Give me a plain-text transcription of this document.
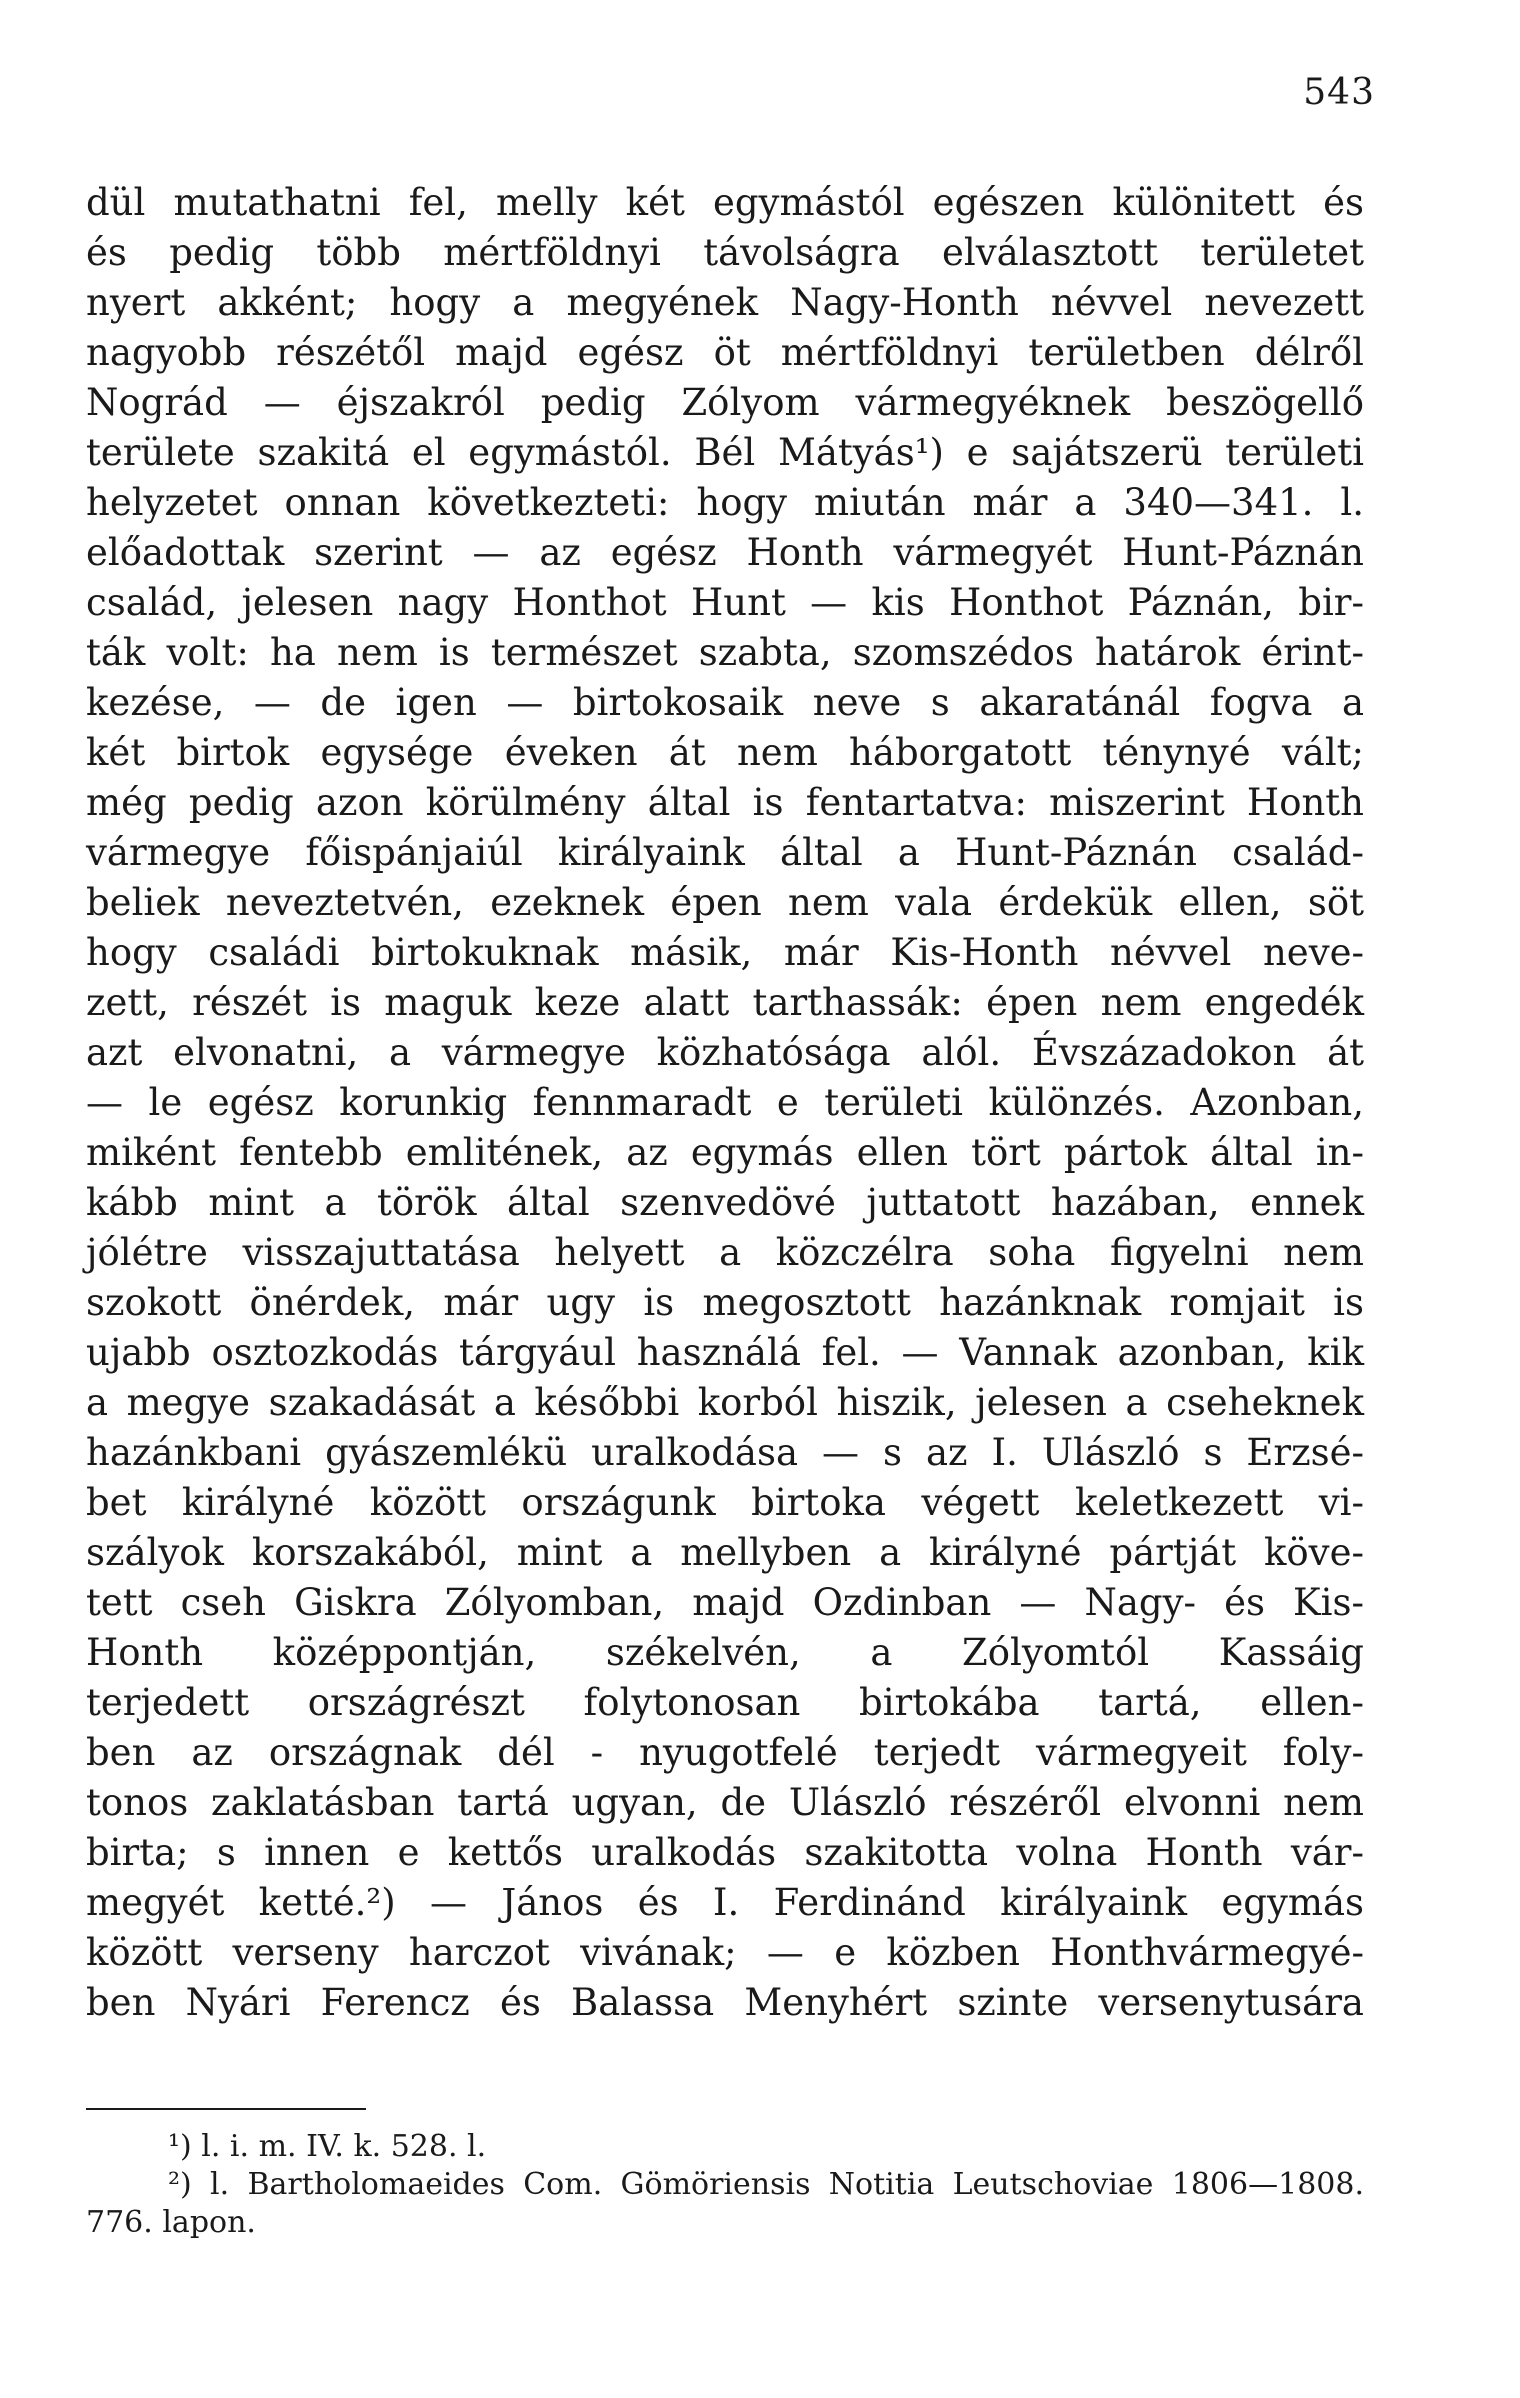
543
dül mutathatni fel, melly két egymástól egészen különitett és
és pedig több mértföldnyi távolságra elválasztott területet
nyert akként; hogy a megyének Nagy-Honth névvel nevezett
nagyobb részétől majd egész öt mértföldnyi területben délről
Nográd — éjszakról pedig Zólyom vármegyéknek beszögellő
területe szakitá el egymástól. Bél Mátyás¹) e sajátszerü területi
helyzetet onnan következteti: hogy miután már a 340—341. l.
előadottak szerint — az egész Honth vármegyét Hunt-Páznán
család, jelesen nagy Honthot Hunt — kis Honthot Páznán, bir-
ták volt: ha nem is természet szabta, szomszédos határok érint-
kezése, — de igen — birtokosaik neve s akaratánál fogva a
két birtok egysége éveken át nem háborgatott ténynyé vált;
még pedig azon körülmény által is fentartatva: miszerint Honth
vármegye főispánjaiúl királyaink által a Hunt-Páznán család-
beliek neveztetvén, ezeknek épen nem vala érdekük ellen, söt
hogy családi birtokuknak másik, már Kis-Honth névvel neve-
zett, részét is maguk keze alatt tarthassák: épen nem engedék
azt elvonatni, a vármegye közhatósága alól. Évszázadokon át
— le egész korunkig fennmaradt e területi különzés. Azonban,
miként fentebb emlitének, az egymás ellen tört pártok által in-
kább mint a török által szenvedövé juttatott hazában, ennek
jólétre visszajuttatása helyett a közczélra soha figyelni nem
szokott önérdek, már ugy is megosztott hazánknak romjait is
ujabb osztozkodás tárgyául használá fel. — Vannak azonban, kik
a megye szakadását a későbbi korból hiszik, jelesen a cseheknek
hazánkbani gyászemlékü uralkodása — s az I. Ulászló s Erzsé-
bet királyné között országunk birtoka végett keletkezett vi-
szályok korszakából, mint a mellyben a királyné pártját köve-
tett cseh Giskra Zólyomban, majd Ozdinban — Nagy- és Kis-
Honth középpontján, székelvén, a Zólyomtól Kassáig
terjedett országrészt folytonosan birtokába tartá, ellen-
ben az országnak dél - nyugotfelé terjedt vármegyeit foly-
tonos zaklatásban tartá ugyan, de Ulászló részéről elvonni nem
birta; s innen e kettős uralkodás szakitotta volna Honth vár-
megyét ketté.²) — János és I. Ferdinánd királyaink egymás
között verseny harczot vivának; — e közben Honthvármegyé-
ben Nyári Ferencz és Balassa Menyhért szinte versenytusára
¹) l. i. m. IV. k. 528. l.
²) l. Bartholomaeides Com. Gömöriensis Notitia Leutschoviae 1806—1808.
776. lapon.
